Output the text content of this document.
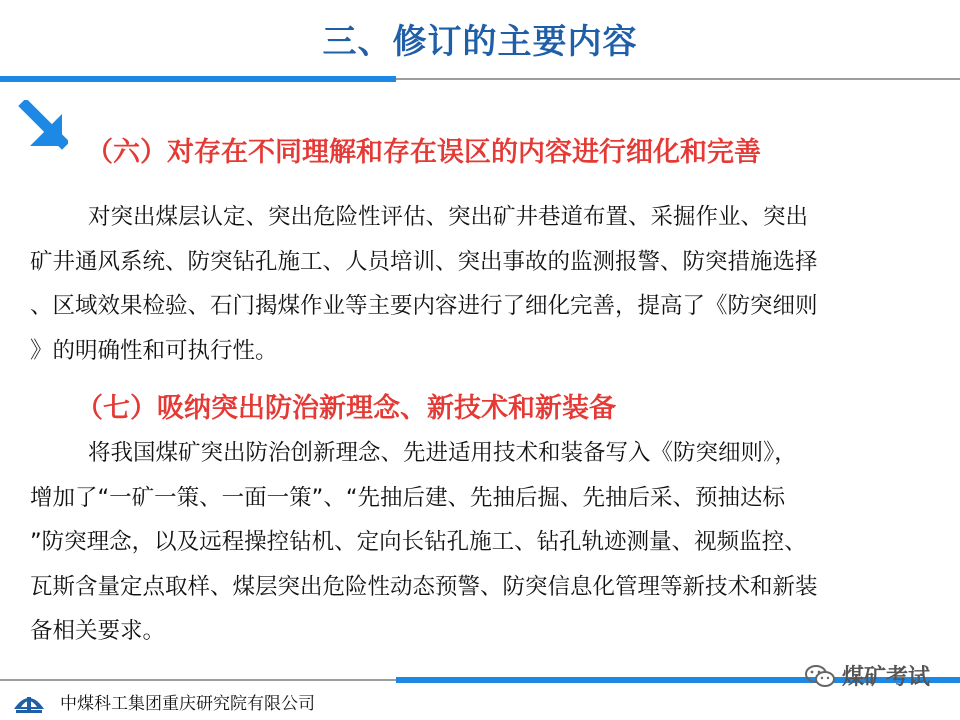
三、修订的主要内容
（六）对存在不同理解和存在误区的内容进行细化和完善
对突出煤层认定、突出危险性评估、突出矿井巷道布置、采掘作业、突出
矿井通风系统、防突钻孔施工、人员培训、突出事故的监测报警、防突措施选择
、区域效果检验、石门揭煤作业等主要内容进行了细化完善，提高了《防突细则
》的明确性和可执行性。
（七）吸纳突出防治新理念、新技术和新装备
将我国煤矿突出防治创新理念、先进适用技术和装备写入《防突细则》，
增加了“一矿一策、一面一策”、“先抽后建、先抽后掘、先抽后采、预抽达标
”防突理念，以及远程操控钻机、定向长钻孔施工、钻孔轨迹测量、视频监控、
瓦斯含量定点取样、煤层突出危险性动态预警、防突信息化管理等新技术和新装
备相关要求。
中煤科工集团重庆研究院有限公司
煤矿考试
